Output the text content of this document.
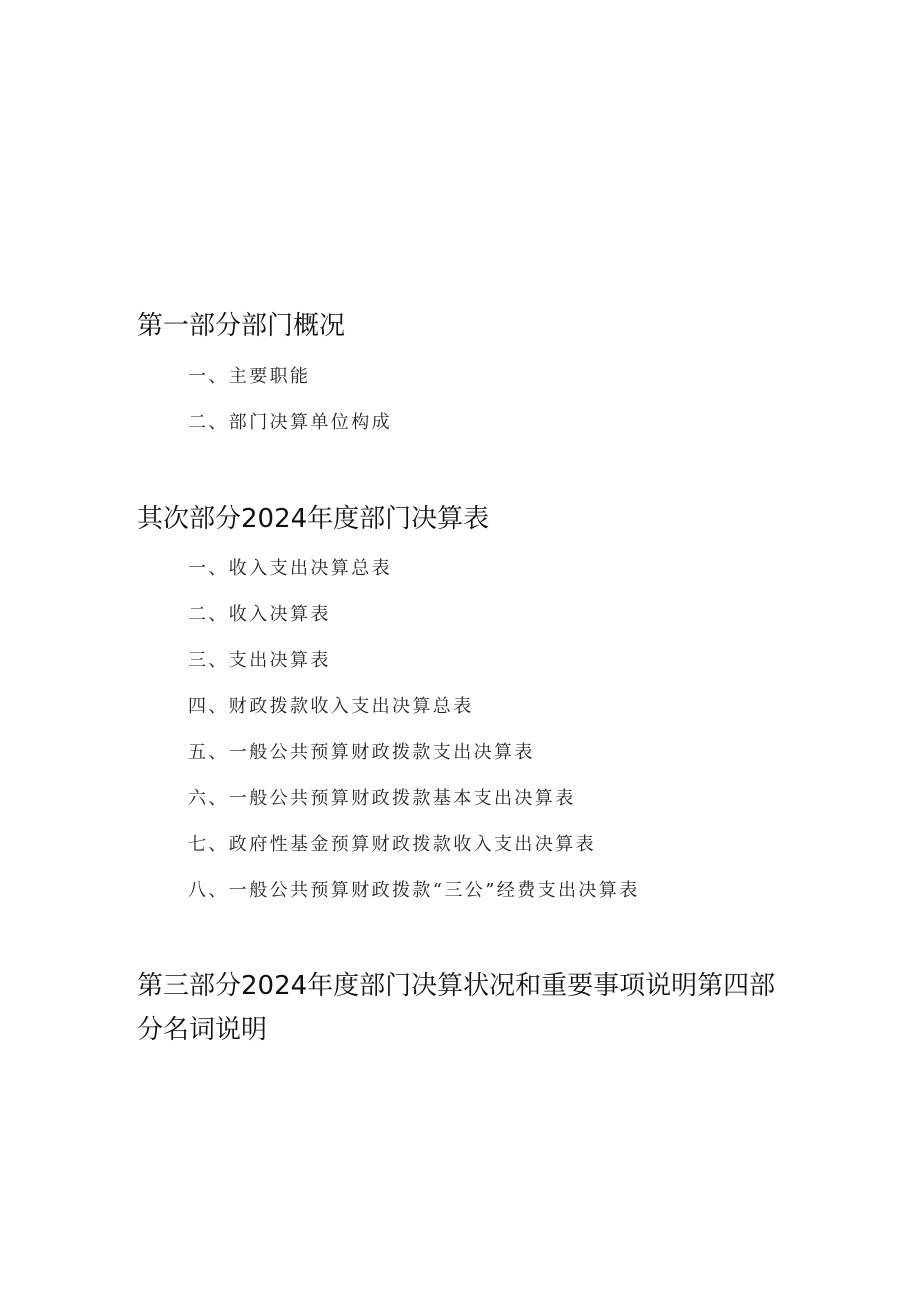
第一部分部门概况

一、主要职能

二、部门决算单位构成

其次部分2024年度部门决算表

一、收入支出决算总表

二、收入决算表

三、支出决算表

四、财政拨款收入支出决算总表

五、一般公共预算财政拨款支出决算表

六、一般公共预算财政拨款基本支出决算表

七、政府性基金预算财政拨款收入支出决算表

八、一般公共预算财政拨款“三公”经费支出决算表

第三部分2024年度部门决算状况和重要事项说明第四部分名词说明
